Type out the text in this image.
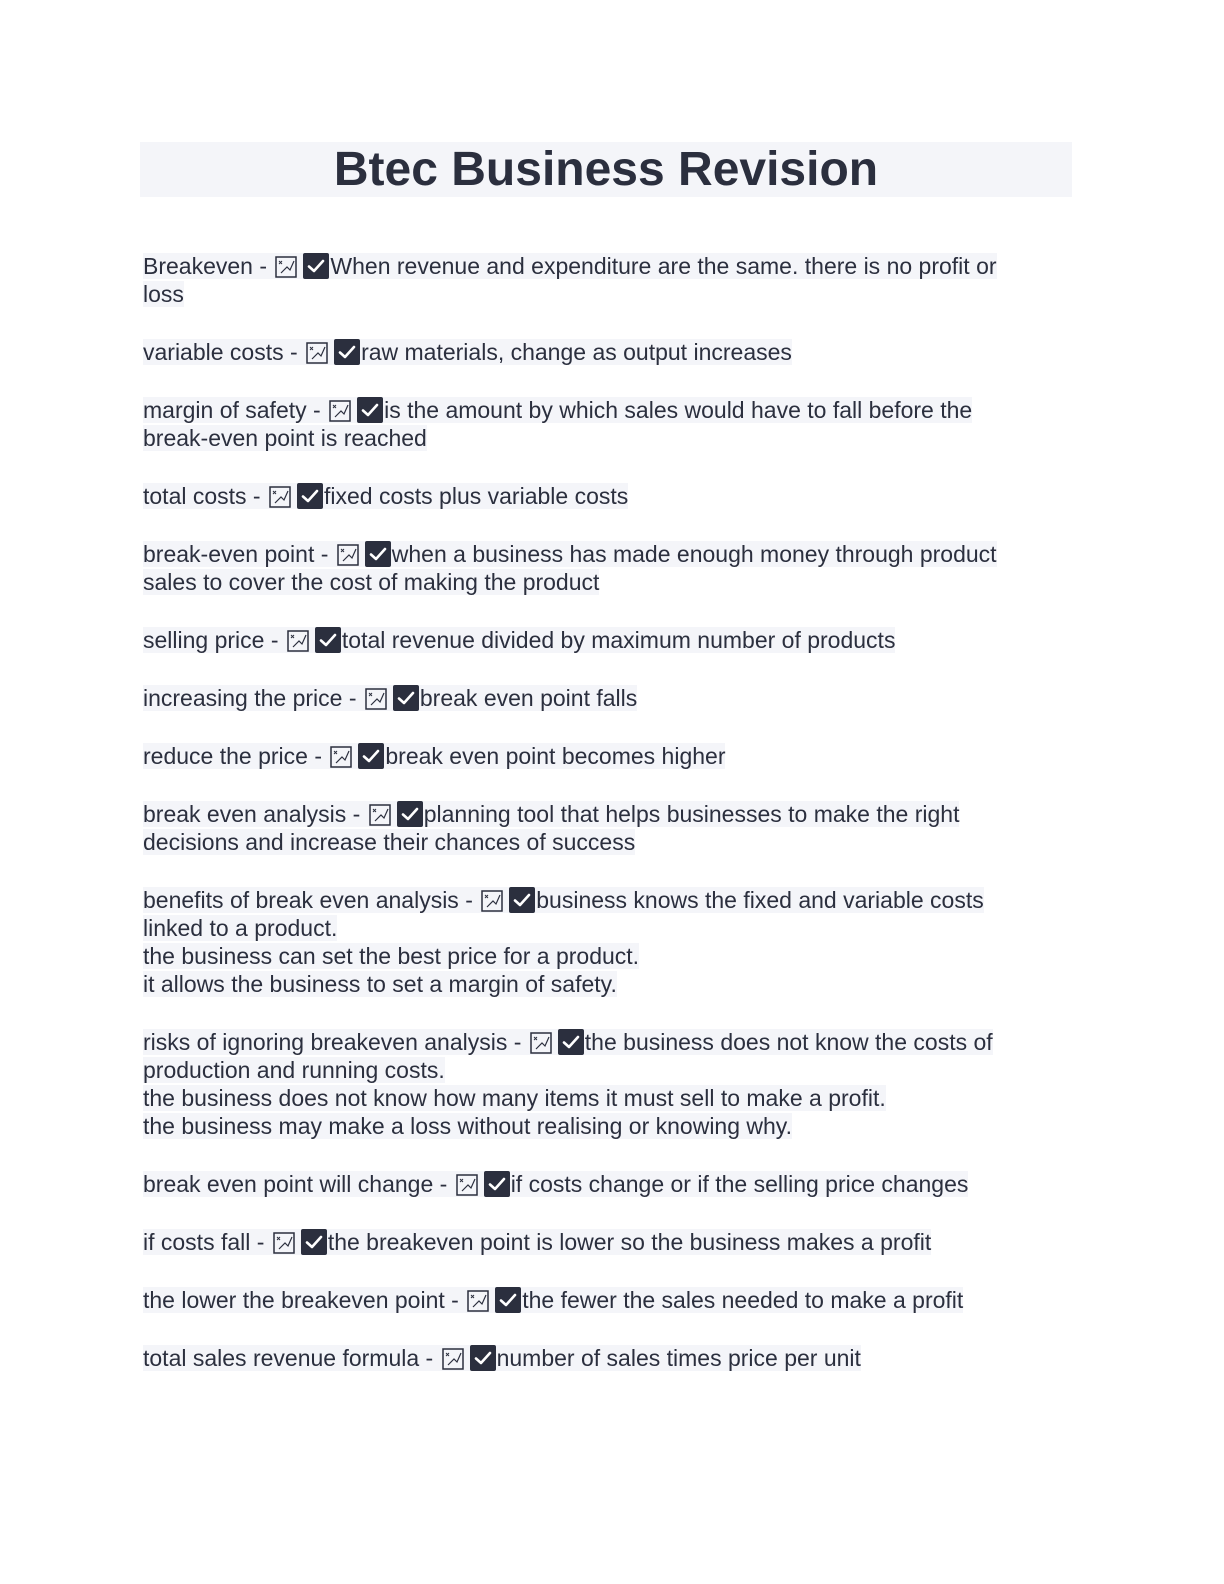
Btec Business Revision

Breakeven -	When revenue and expenditure are the same. there is no profit or loss

variable costs -	raw materials, change as output increases

margin of safety -	is the amount by which sales would have to fall before the break-even point is reached

total costs -	fixed costs plus variable costs

break-even point -	when a business has made enough money through product sales to cover the cost of making the product

selling price -	total revenue divided by maximum number of products

increasing the price -	break even point falls

reduce the price -	break even point becomes higher

break even analysis -	planning tool that helps businesses to make the right decisions and increase their chances of success

benefits of break even analysis -	business knows the fixed and variable costs linked to a product.
the business can set the best price for a product.
it allows the business to set a margin of safety.

risks of ignoring breakeven analysis -	the business does not know the costs of production and running costs.
the business does not know how many items it must sell to make a profit.
the business may make a loss without realising or knowing why.

break even point will change -	if costs change or if the selling price changes

if costs fall -	the breakeven point is lower so the business makes a profit

the lower the breakeven point -	the fewer the sales needed to make a profit

total sales revenue formula -	number of sales times price per unit
